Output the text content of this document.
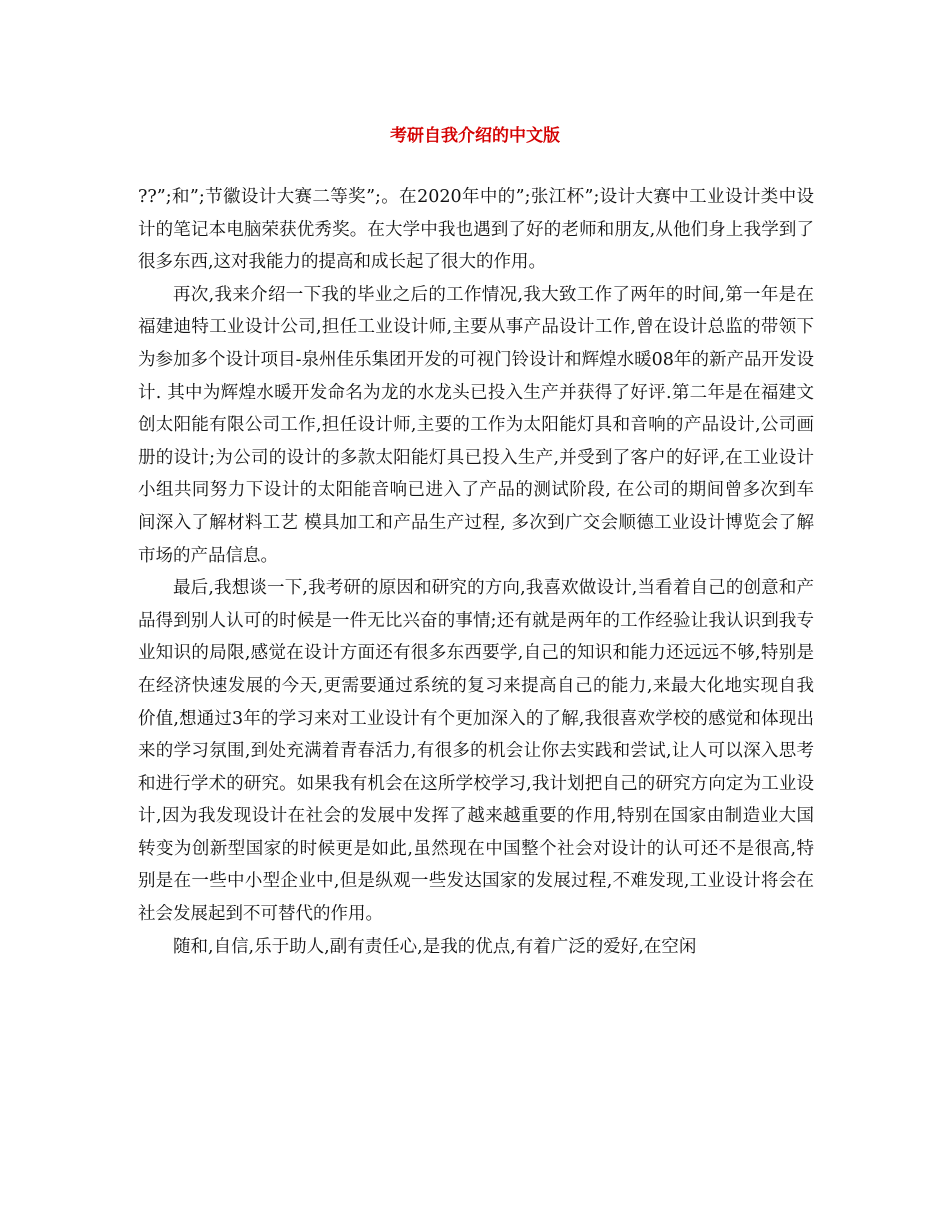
考研自我介绍的中文版

??”;和”;节徽设计大赛二等奖”;。在2020年中的”;张江杯”;设计大赛中工业设计类中设计的笔记本电脑荣获优秀奖。在大学中我也遇到了好的老师和朋友,从他们身上我学到了很多东西,这对我能力的提高和成长起了很大的作用。

再次,我来介绍一下我的毕业之后的工作情况,我大致工作了两年的时间,第一年是在福建迪特工业设计公司,担任工业设计师,主要从事产品设计工作,曾在设计总监的带领下为参加多个设计项目-泉州佳乐集团开发的可视门铃设计和辉煌水暖08年的新产品开发设计. 其中为辉煌水暖开发命名为龙的水龙头已投入生产并获得了好评.第二年是在福建文创太阳能有限公司工作,担任设计师,主要的工作为太阳能灯具和音响的产品设计,公司画册的设计;为公司的设计的多款太阳能灯具已投入生产,并受到了客户的好评,在工业设计小组共同努力下设计的太阳能音响已进入了产品的测试阶段, 在公司的期间曾多次到车间深入了解材料工艺 模具加工和产品生产过程, 多次到广交会顺德工业设计博览会了解市场的产品信息。

最后,我想谈一下,我考研的原因和研究的方向,我喜欢做设计,当看着自己的创意和产品得到别人认可的时候是一件无比兴奋的事情;还有就是两年的工作经验让我认识到我专业知识的局限,感觉在设计方面还有很多东西要学,自己的知识和能力还远远不够,特别是在经济快速发展的今天,更需要通过系统的复习来提高自己的能力,来最大化地实现自我价值,想通过3年的学习来对工业设计有个更加深入的了解,我很喜欢学校的感觉和体现出来的学习氛围,到处充满着青春活力,有很多的机会让你去实践和尝试,让人可以深入思考和进行学术的研究。如果我有机会在这所学校学习,我计划把自己的研究方向定为工业设计,因为我发现设计在社会的发展中发挥了越来越重要的作用,特别在国家由制造业大国转变为创新型国家的时候更是如此,虽然现在中国整个社会对设计的认可还不是很高,特别是在一些中小型企业中,但是纵观一些发达国家的发展过程,不难发现,工业设计将会在社会发展起到不可替代的作用。

随和,自信,乐于助人,副有责任心,是我的优点,有着广泛的爱好,在空闲
